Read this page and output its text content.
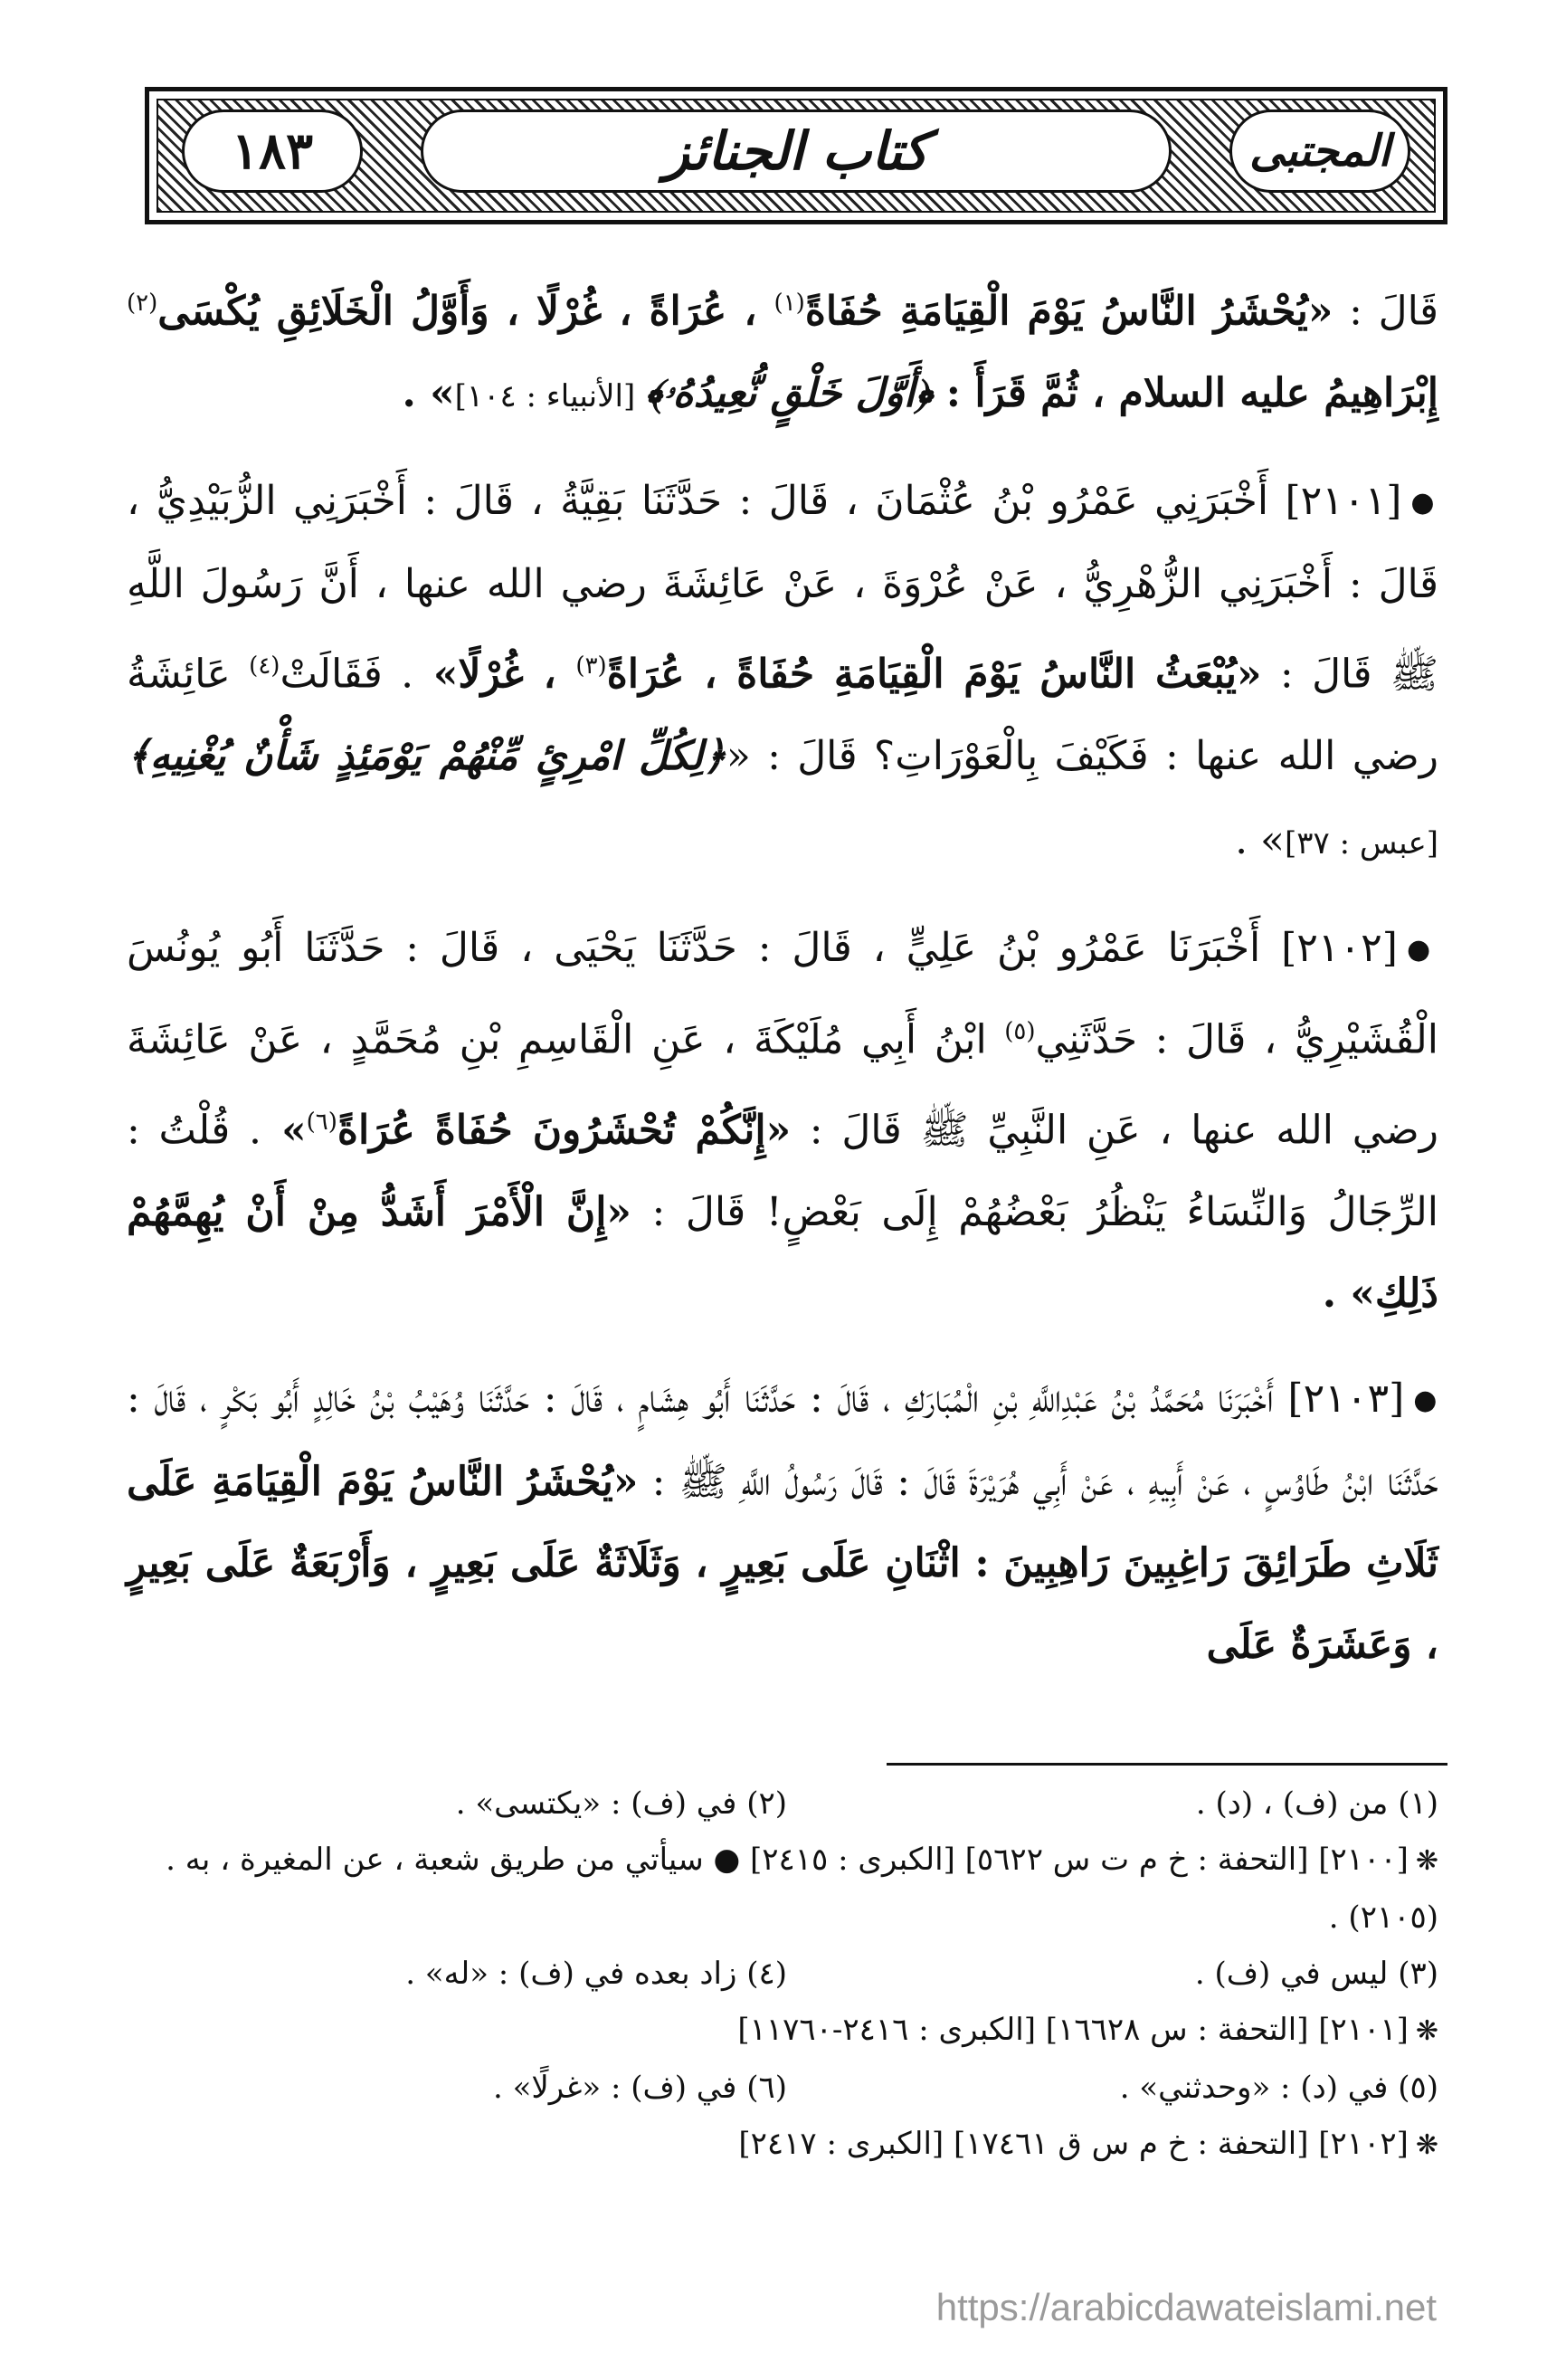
١٨٣	كتاب الجنائز	المجتبى

قَالَ : «يُحْشَرُ النَّاسُ يَوْمَ الْقِيَامَةِ حُفَاةً$^{(١)}$ ، عُرَاةً ، غُرْلًا ، وَأَوَّلُ الْخَلَائِقِ يُكْسَى$^{(٢)}$ إِبْرَاهِيمُ عليه السلام ، ثُمَّ قَرَأَ : ﴿أَوَّلَ خَلْقٍ نُّعِيدُهُۥ﴾ [الأنبياء : ١٠٤]» .

●[٢١٠١] أَخْبَرَنِي عَمْرُو بْنُ عُثْمَانَ ، قَالَ : حَدَّثَنَا بَقِيَّةُ ، قَالَ : أَخْبَرَنِي الزُّبَيْدِيُّ ، قَالَ : أَخْبَرَنِي الزُّهْرِيُّ ، عَنْ عُرْوَةَ ، عَنْ عَائِشَةَ رضي الله عنها ، أَنَّ رَسُولَ اللَّهِ ﷺ قَالَ : «يُبْعَثُ النَّاسُ يَوْمَ الْقِيَامَةِ حُفَاةً ، عُرَاةً$^{(٣)}$ ، غُرْلًا» . فَقَالَتْ$^{(٤)}$ عَائِشَةُ رضي الله عنها : فَكَيْفَ بِالْعَوْرَاتِ؟ قَالَ : «﴿لِكُلِّ امْرِئٍ مِّنْهُمْ يَوْمَئِذٍ شَأْنٌ يُغْنِيهِ﴾ [عبس : ٣٧]» .

●[٢١٠٢] أَخْبَرَنَا عَمْرُو بْنُ عَلِيٍّ ، قَالَ : حَدَّثَنَا يَحْيَى ، قَالَ : حَدَّثَنَا أَبُو يُونُسَ الْقُشَيْرِيُّ ، قَالَ : حَدَّثَنِي$^{(٥)}$ ابْنُ أَبِي مُلَيْكَةَ ، عَنِ الْقَاسِمِ بْنِ مُحَمَّدٍ ، عَنْ عَائِشَةَ رضي الله عنها ، عَنِ النَّبِيِّ ﷺ قَالَ : «إِنَّكُمْ تُحْشَرُونَ حُفَاةً عُرَاةً$^{(٦)}$» . قُلْتُ : الرِّجَالُ وَالنِّسَاءُ يَنْظُرُ بَعْضُهُمْ إِلَى بَعْضٍ! قَالَ : «إِنَّ الْأَمْرَ أَشَدُّ مِنْ أَنْ يُهِمَّهُمْ ذَلِكِ» .

●[٢١٠٣] أَخْبَرَنَا مُحَمَّدُ بْنُ عَبْدِاللَّهِ بْنِ الْمُبَارَكِ ، قَالَ : حَدَّثَنَا أَبُو هِشَامٍ ، قَالَ : حَدَّثَنَا وُهَيْبُ بْنُ خَالِدٍ أَبُو بَكْرٍ ، قَالَ : حَدَّثَنَا ابْنُ طَاوُسٍ ، عَنْ أَبِيهِ ، عَنْ أَبِي هُرَيْرَةَ قَالَ : قَالَ رَسُولُ اللَّهِ ﷺ : «يُحْشَرُ النَّاسُ يَوْمَ الْقِيَامَةِ عَلَى ثَلَاثِ طَرَائِقَ رَاغِبِينَ رَاهِبِينَ : اثْنَانِ عَلَى بَعِيرٍ ، وَثَلَاثَةٌ عَلَى بَعِيرٍ ، وَأَرْبَعَةٌ عَلَى بَعِيرٍ ، وَعَشَرَةٌ عَلَى

(١) من (ف) ، (د) .
(٢) في (ف) : «يكتسى» .
❋[٢١٠٠] [التحفة : خ م ت س ٥٦٢٢] [الكبرى : ٢٤١٥] ● سيأتي من طريق شعبة ، عن المغيرة ، به . (٢١٠٥) .
(٣) ليس في (ف) .
(٤) زاد بعده في (ف) : «له» .
❋[٢١٠١] [التحفة : س ١٦٦٢٨] [الكبرى : ٢٤١٦-١١٧٦٠]
(٥) في (د) : «وحدثني» .
(٦) في (ف) : «غرلًا» .
❋[٢١٠٢] [التحفة : خ م س ق ١٧٤٦١] [الكبرى : ٢٤١٧]
https://arabicdawateislami.net
